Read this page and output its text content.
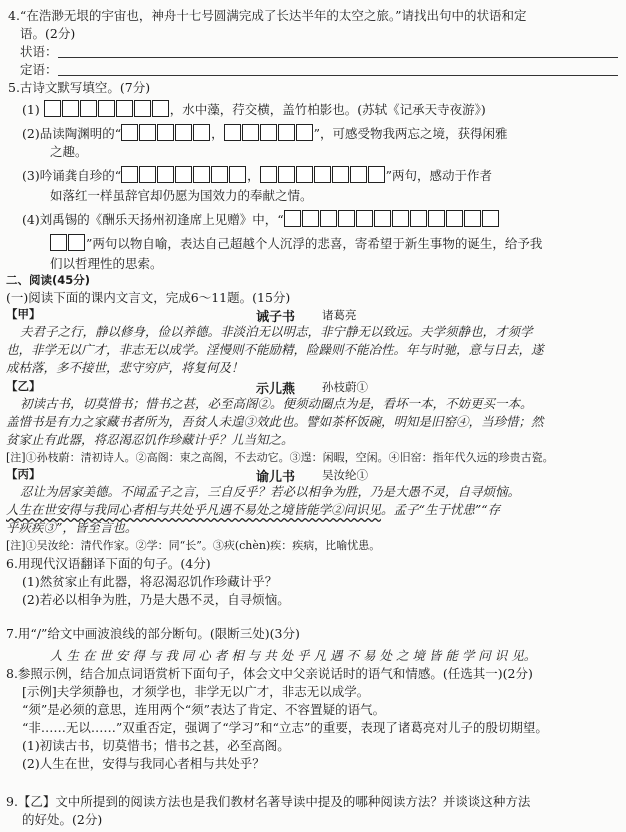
4.“在浩渺无垠的宇宙也，神舟十七号圆满完成了长达半年的太空之旅。”请找出句中的状语和定
语。(2分)
状语：
定语：
5.古诗文默写填空。(7分)
(1)	，水中藻，荇交横，盖竹柏影也。(苏轼《记承天寺夜游》)
(2)品读陶渊明的“	，	”，可感受物我两忘之境，获得闲雅
之趣。
(3)吟诵龚自珍的“	，	”两句，感动于作者
如落红一样虽辞官却仍愿为国效力的奉献之情。
(4)刘禹锡的《酬乐天扬州初逢席上见赠》中，“
”两句以物自喻，表达自己超越个人沉浮的悲喜，寄希望于新生事物的诞生，给予我
们以哲理性的思索。
二、阅读(45分)
(一)阅读下面的课内文言文，完成6～11题。(15分)
【甲】	诫子书 诸葛亮
夫君子之行，静以修身，俭以养德。非淡泊无以明志，非宁静无以致远。夫学须静也，才须学
也，非学无以广才，非志无以成学。淫慢则不能励精，险躁则不能冶性。年与时驰，意与日去，遂
成枯落，多不接世，悲守穷庐，将复何及！
【乙】	示儿燕 孙枝蔚①
初读古书，切莫惜书；惜书之甚，必至高阁②。便须动圈点为是，看坏一本，不妨更买一本。
盖惜书是有力之家藏书者所为，吾贫人未遑③效此也。譬如茶杯饭碗，明知是旧窑④，当珍惜；然
贫家止有此器，将忍渴忍饥作珍藏计乎？儿当知之。
[注]①孙枝蔚：清初诗人。②高阁：束之高阁，不去动它。③遑：闲暇，空闲。④旧窑：指年代久远的珍贵古瓷。
【丙】	谕儿书 吴汝纶①
忍让为居家美德。不闻孟子之言，三自反乎？若必以相争为胜，乃是大愚不灵，自寻烦恼。
人生在世安得与我同心者相与共处乎凡遇不易处之境皆能学②问识见。孟子“生于忧患”“存
乎疢疾③”，皆至言也。
[注]①吴汝纶：清代作家。②学：同“长”。③疢(chèn)疾：疾病，比喻忧患。
6.用现代汉语翻译下面的句子。(4分)
(1)然贫家止有此器，将忍渴忍饥作珍藏计乎？
(2)若必以相争为胜，乃是大愚不灵，自寻烦恼。
7.用“/”给文中画波浪线的部分断句。(限断三处)(3分)
人 生 在 世 安 得 与 我 同 心 者 相 与 共 处 乎 凡 遇 不 易 处 之 境 皆 能 学 问 识 见。
8.参照示例，结合加点词语赏析下面句子，体会文中父亲说话时的语气和情感。(任选其一)(2分)
[示例]夫学须静也，才须学也，非学无以广才，非志无以成学。
“须”是必须的意思，连用两个“须”表达了肯定、不容置疑的语气。
“非……无以……”双重否定，强调了“学习”和“立志”的重要，表现了诸葛亮对儿子的殷切期望。
(1)初读古书，切莫惜书；惜书之甚，必至高阁。
(2)人生在世，安得与我同心者相与共处乎？
9.【乙】文中所提到的阅读方法也是我们教材名著导读中提及的哪种阅读方法？并谈谈这种方法
的好处。(2分)
